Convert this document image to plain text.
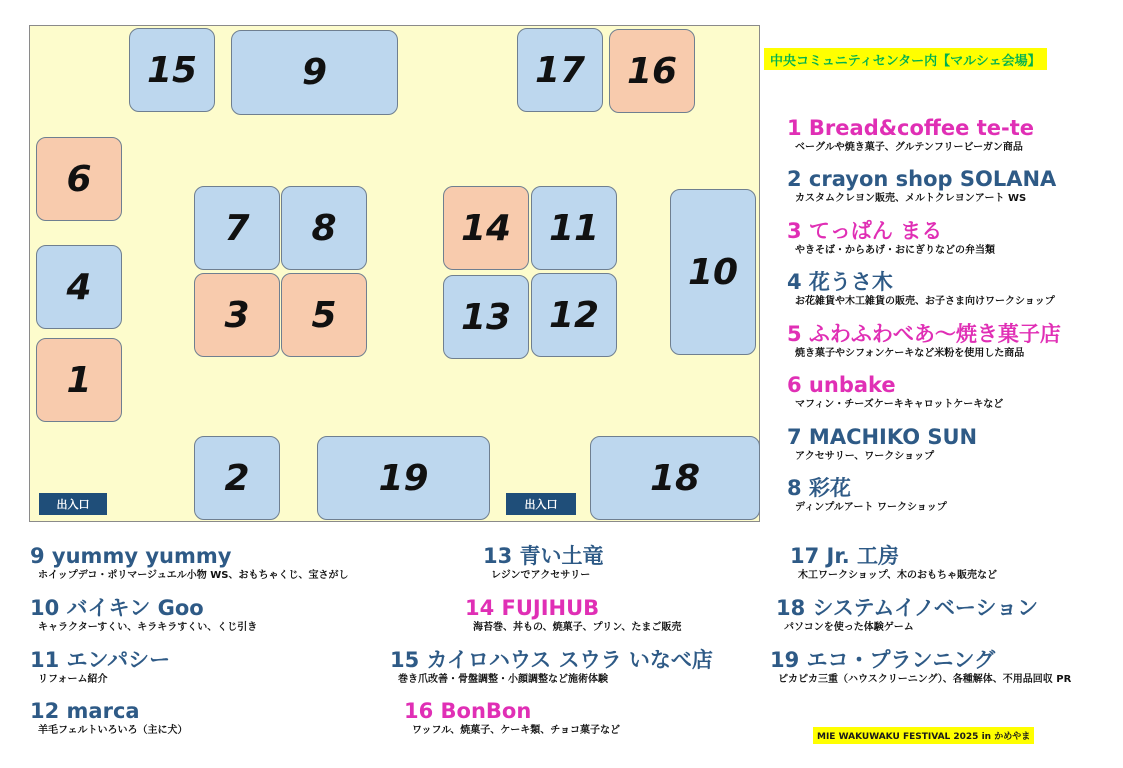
15	9	17	16
6
4
1
7	8
3	5
14	11
13	12
10
2	19	18
出入口	出入口
中央コミュニティセンター内【マルシェ会場】
1 Bread&coffee te-te
ベーグルや焼き菓子、グルテンフリービーガン商品
2 crayon shop SOLANA
カスタムクレヨン販売、メルトクレヨンアート WS
3 てっぱん まる
やきそば・からあげ・おにぎりなどの弁当類
4 花うさ木
お花雑貨や木工雑貨の販売、お子さま向けワークショップ
5 ふわふわべあ〜焼き菓子店
焼き菓子やシフォンケーキなど米粉を使用した商品
6 unbake
マフィン・チーズケーキキャロットケーキなど
7 MACHIKO SUN
アクセサリー、ワークショップ
8 彩花
ディンプルアート ワークショップ
9 yummy yummy
ホイップデコ・ポリマージュエル小物 WS、おもちゃくじ、宝さがし
10 バイキン Goo
キャラクターすくい、キラキラすくい、くじ引き
11 エンパシー
リフォーム紹介
12 marca
羊毛フェルトいろいろ（主に犬）
13 青い土竜
レジンでアクセサリー
14 FUJIHUB
海苔巻、丼もの、焼菓子、プリン、たまご販売
15 カイロハウス スウラ いなべ店
巻き爪改善・骨盤調整・小顔調整など施術体験
16 BonBon
ワッフル、焼菓子、ケーキ類、チョコ菓子など
17 Jr. 工房
木工ワークショップ、木のおもちゃ販売など
18 システムイノベーション
パソコンを使った体験ゲーム
19 エコ・プランニング
ピカピカ三重（ハウスクリーニング）、各種解体、不用品回収 PR
MIE WAKUWAKU FESTIVAL 2025 in かめやま
